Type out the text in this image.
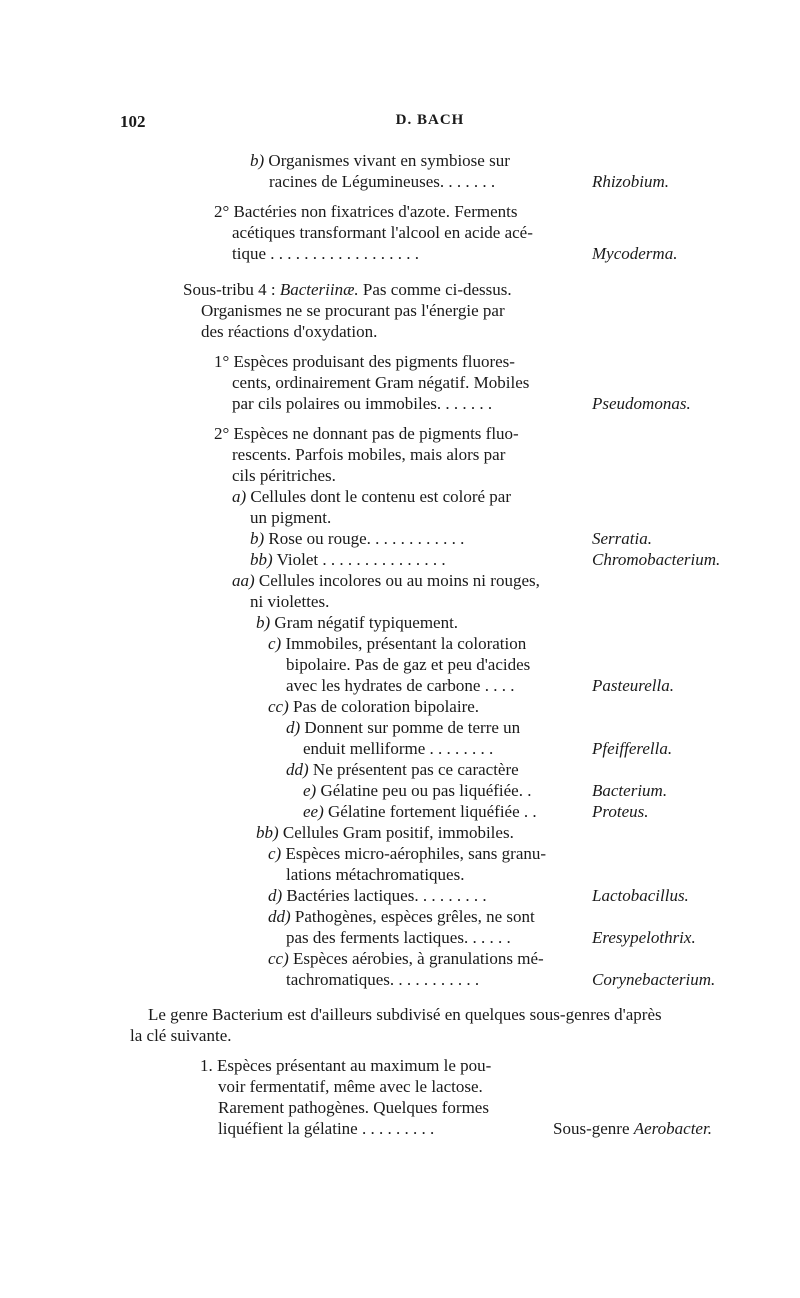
102	D. BACH
b) Organismes vivant en symbiose sur
racines de Légumineuses. . . . . . .	Rhizobium.
2° Bactéries non fixatrices d'azote. Ferments
acétiques transformant l'alcool en acide acé-
tique . . . . . . . . . . . . . . . . . .	Mycoderma.
Sous-tribu 4 : Bacteriinæ. Pas comme ci-dessus.
Organismes ne se procurant pas l'énergie par
des réactions d'oxydation.
1° Espèces produisant des pigments fluores-
cents, ordinairement Gram négatif. Mobiles
par cils polaires ou immobiles. . . . . . .	Pseudomonas.
2° Espèces ne donnant pas de pigments fluo-
rescents. Parfois mobiles, mais alors par
cils péritriches.
a) Cellules dont le contenu est coloré par
un pigment.
b) Rose ou rouge. . . . . . . . . . . .	Serratia.
bb) Violet . . . . . . . . . . . . . . .	Chromobacterium.
aa) Cellules incolores ou au moins ni rouges,
ni violettes.
b) Gram négatif typiquement.
c) Immobiles, présentant la coloration
bipolaire. Pas de gaz et peu d'acides
avec les hydrates de carbone . . . .	Pasteurella.
cc) Pas de coloration bipolaire.
d) Donnent sur pomme de terre un
enduit melliforme . . . . . . . .	Pfeifferella.
dd) Ne présentent pas ce caractère
e) Gélatine peu ou pas liquéfiée. .	Bacterium.
ee) Gélatine fortement liquéfiée . .	Proteus.
bb) Cellules Gram positif, immobiles.
c) Espèces micro-aérophiles, sans granu-
lations métachromatiques.
d) Bactéries lactiques. . . . . . . . .	Lactobacillus.
dd) Pathogènes, espèces grêles, ne sont
pas des ferments lactiques. . . . . .	Eresypelothrix.
cc) Espèces aérobies, à granulations mé-
tachromatiques. . . . . . . . . . .	Corynebacterium.
Le genre Bacterium est d'ailleurs subdivisé en quelques sous-genres d'après
la clé suivante.
1. Espèces présentant au maximum le pou-
voir fermentatif, même avec le lactose.
Rarement pathogènes. Quelques formes
liquéfient la gélatine . . . . . . . . .	Sous-genre Aerobacter.
